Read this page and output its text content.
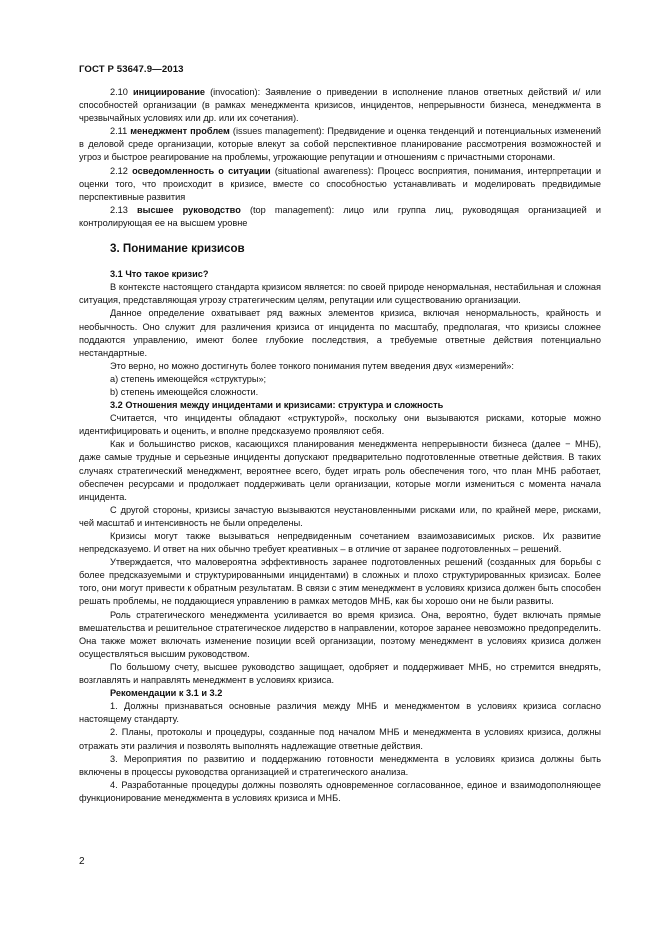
ГОСТ Р 53647.9—2013

2.10 инициирование (invocation): Заявление о приведении в исполнение планов ответных действий и/ или способностей организации (в рамках менеджмента кризисов, инцидентов, непрерывности бизнеса, менеджмента в чрезвычайных условиях или др. или их сочетания).

2.11 менеджмент проблем (issues management): Предвидение и оценка тенденций и потенциальных изменений в деловой среде организации, которые влекут за собой перспективное планирование рассмотрения возможностей и угроз и быстрое реагирование на проблемы, угрожающие репутации и отношениям с причастными сторонами.

2.12 осведомленность о ситуации (situational awareness): Процесс восприятия, понимания, интерпретации и оценки того, что происходит в кризисе, вместе со способностью устанавливать и моделировать предвидимые перспективные развития

2.13 высшее руководство (top management): лицо или группа лиц, руководящая организацией и контролирующая ее на высшем уровне

3. Понимание кризисов

3.1 Что такое кризис?

В контексте настоящего стандарта кризисом является: по своей природе ненормальная, нестабильная и сложная ситуация, представляющая угрозу стратегическим целям, репутации или существованию организации.

Данное определение охватывает ряд важных элементов кризиса, включая ненормальность, крайность и необычность. Оно служит для различения кризиса от инцидента по масштабу, предполагая, что кризисы сложнее поддаются управлению, имеют более глубокие последствия, а требуемые ответные действия потенциально нестандартные.

Это верно, но можно достигнуть более тонкого понимания путем введения двух «измерений»:

а) степень имеющейся «структуры»;

b) степень имеющейся сложности.

3.2 Отношения между инцидентами и кризисами: структура и сложность

Считается, что инциденты обладают «структурой», поскольку они вызываются рисками, которые можно идентифицировать и оценить, и вполне предсказуемо проявляют себя.

Как и большинство рисков, касающихся планирования менеджмента непрерывности бизнеса (далее − МНБ), даже самые трудные и серьезные инциденты допускают предварительно подготовленные ответные действия. В таких случаях стратегический менеджмент, вероятнее всего, будет играть роль обеспечения того, что план МНБ работает, обеспечен ресурсами и продолжает поддерживать цели организации, которые могли измениться с момента начала инцидента.

С другой стороны, кризисы зачастую вызываются неустановленными рисками или, по крайней мере, рисками, чей масштаб и интенсивность не были определены.

Кризисы могут также вызываться непредвиденным сочетанием взаимозависимых рисков. Их развитие непредсказуемо. И ответ на них обычно требует креативных – в отличие от заранее подготовленных – решений.

Утверждается, что маловероятна эффективность заранее подготовленных решений (созданных для борьбы с более предсказуемыми и структурированными инцидентами) в сложных и плохо структурированных кризисах. Более того, они могут привести к обратным результатам. В связи с этим менеджмент в условиях кризиса должен быть способен решать проблемы, не поддающиеся управлению в рамках методов МНБ, как бы хорошо они не были развиты.

Роль стратегического менеджмента усиливается во время кризиса. Она, вероятно, будет включать прямые вмешательства и решительное стратегическое лидерство в направлении, которое заранее невозможно предопределить. Она также может включать изменение позиции всей организации, поэтому менеджмент в условиях кризиса должен осуществляться высшим руководством.

По большому счету, высшее руководство защищает, одобряет и поддерживает МНБ, но стремится внедрять, возглавлять и направлять менеджмент в условиях кризиса.

Рекомендации к 3.1 и 3.2

1. Должны признаваться основные различия между МНБ и менеджментом в условиях кризиса согласно настоящему стандарту.

2. Планы, протоколы и процедуры, созданные под началом МНБ и менеджмента в условиях кризиса, должны отражать эти различия и позволять выполнять надлежащие ответные действия.

3. Мероприятия по развитию и поддержанию готовности менеджмента в условиях кризиса должны быть включены в процессы руководства организацией и стратегического анализа.

4. Разработанные процедуры должны позволять одновременное согласованное, единое и взаимодополняющее функционирование менеджмента в условиях кризиса и МНБ.

2
